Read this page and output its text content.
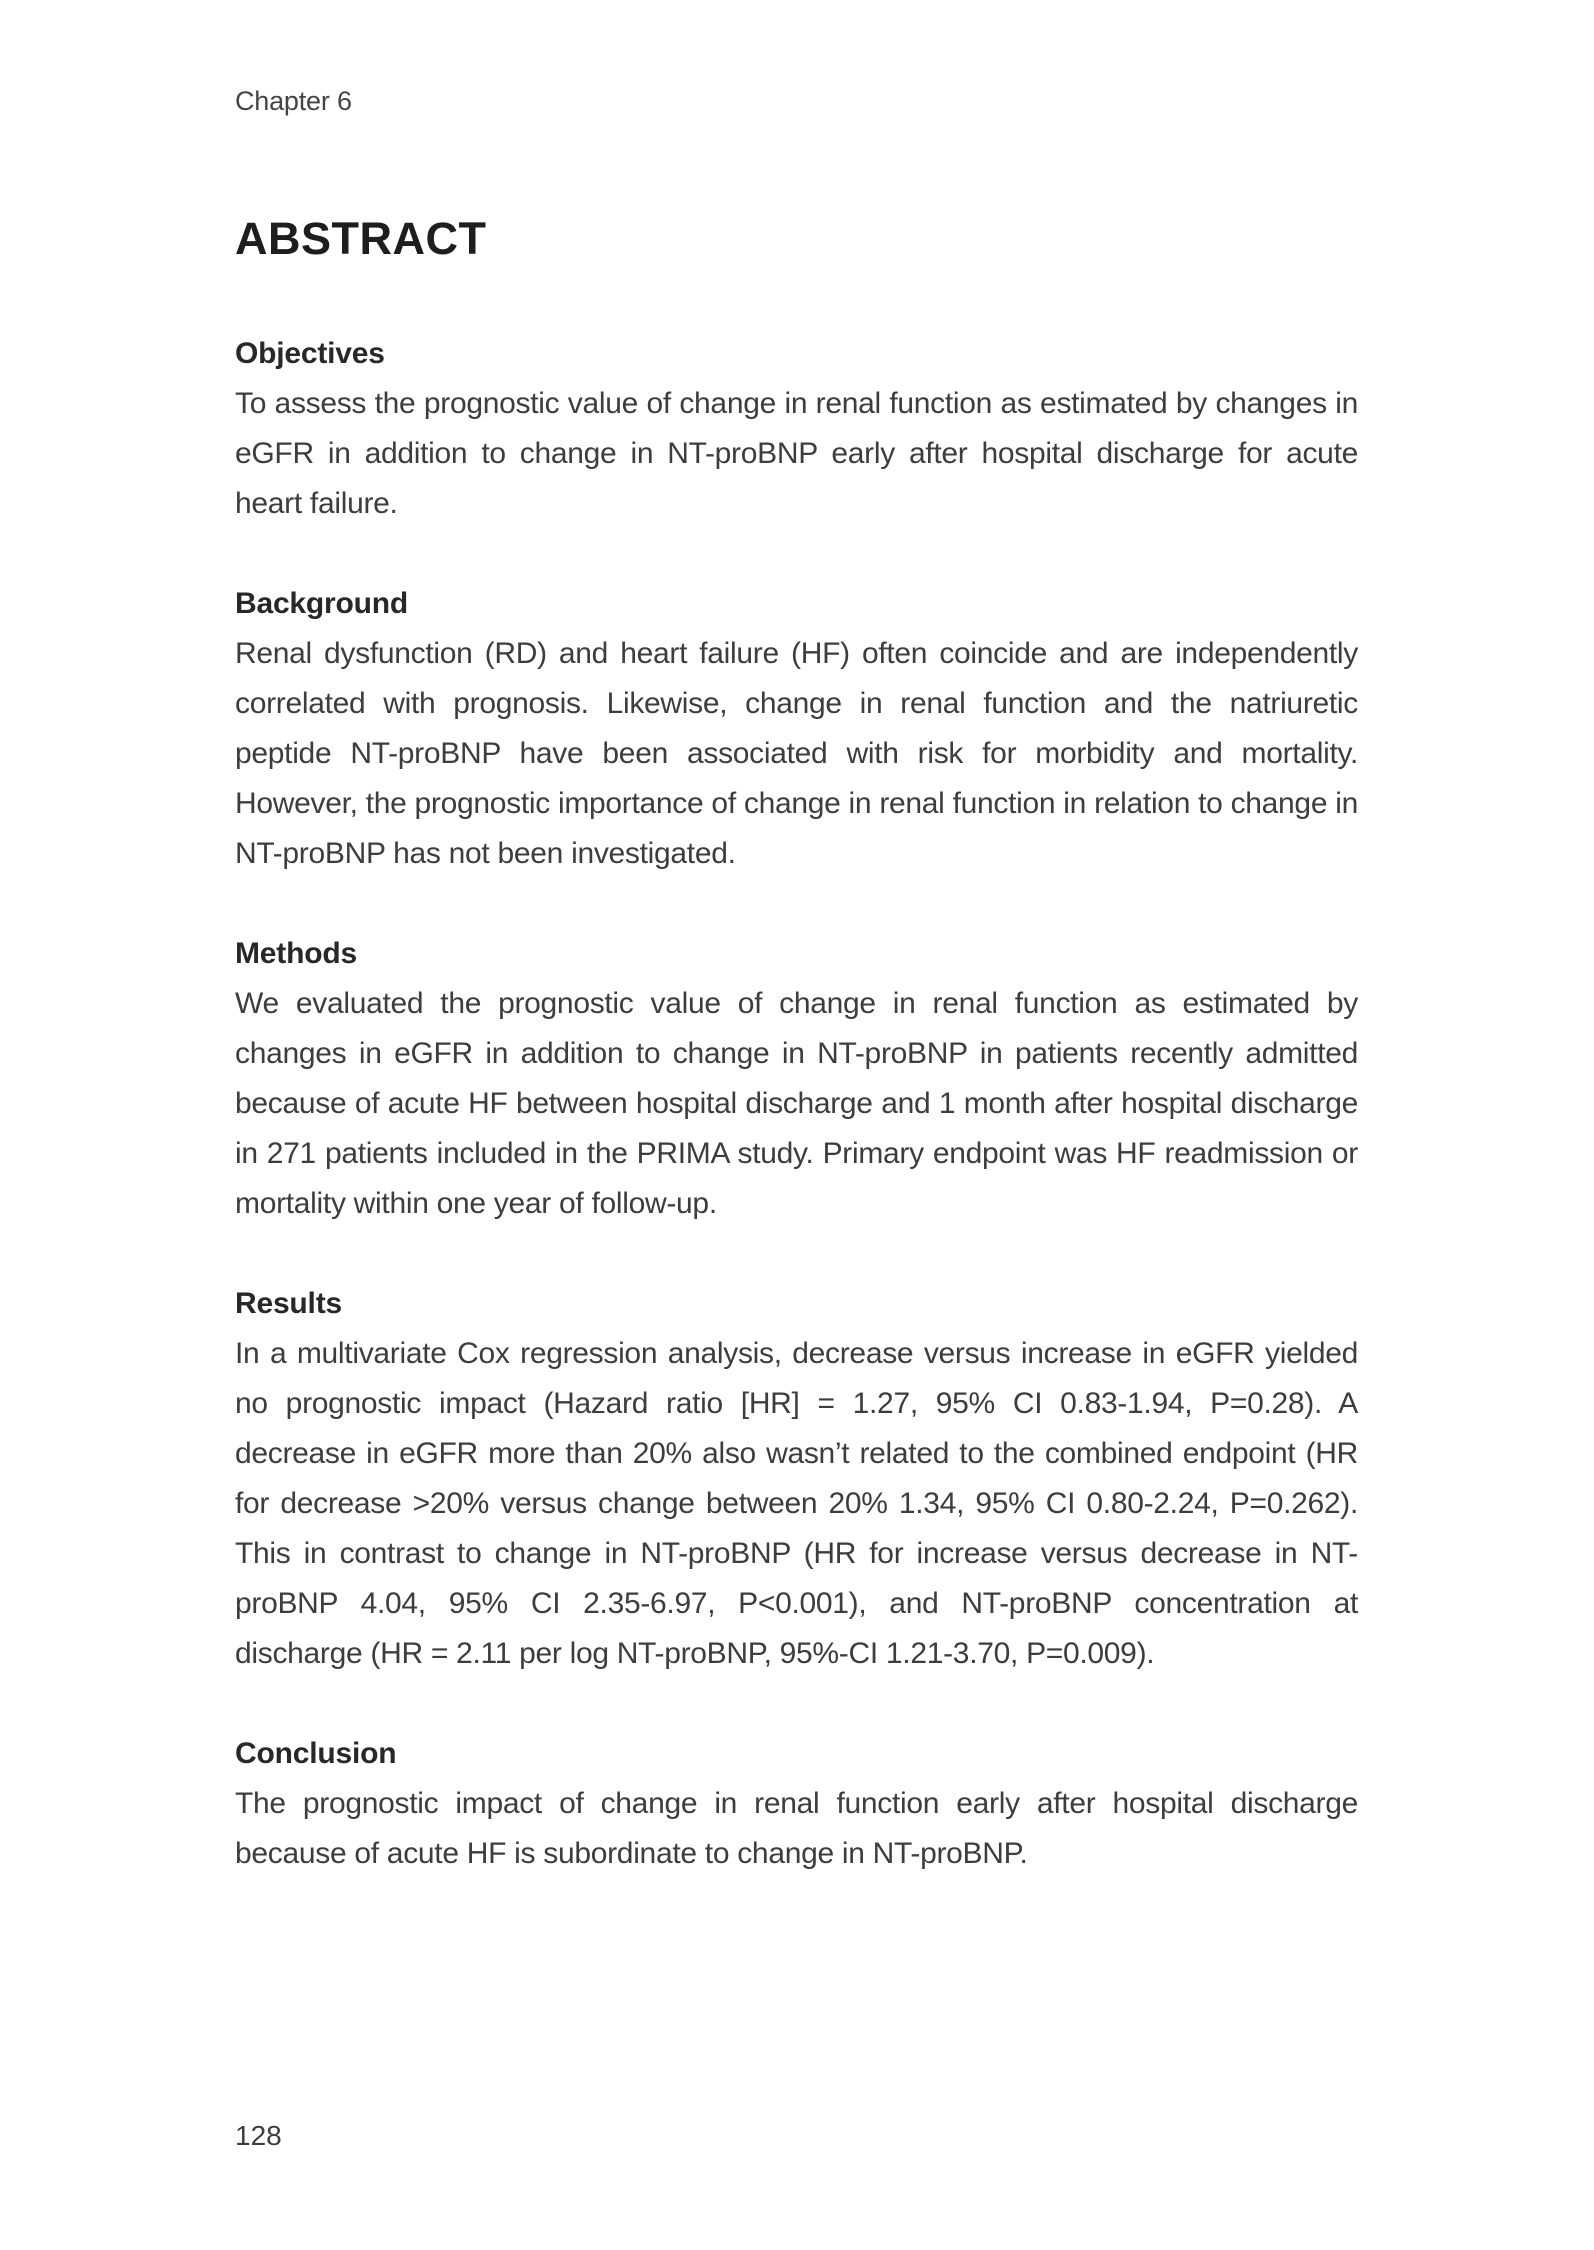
Chapter 6
ABSTRACT
Objectives

To assess the prognostic value of change in renal function as estimated by changes in eGFR in addition to change in NT-proBNP early after hospital discharge for acute heart failure.

Background

Renal dysfunction (RD) and heart failure (HF) often coincide and are independently correlated with prognosis. Likewise, change in renal function and the natriuretic peptide NT-proBNP have been associated with risk for morbidity and mortality. However, the prognostic importance of change in renal function in relation to change in NT-proBNP has not been investigated.

Methods

We evaluated the prognostic value of change in renal function as estimated by changes in eGFR in addition to change in NT-proBNP in patients recently admitted because of acute HF between hospital discharge and 1 month after hospital discharge in 271 patients included in the PRIMA study. Primary endpoint was HF readmission or mortality within one year of follow-up.

Results

In a multivariate Cox regression analysis, decrease versus increase in eGFR yielded no prognostic impact (Hazard ratio [HR] = 1.27, 95% CI 0.83-1.94, P=0.28). A decrease in eGFR more than 20% also wasn’t related to the combined endpoint (HR for decrease >20% versus change between 20% 1.34, 95% CI 0.80-2.24, P=0.262). This in contrast to change in NT-proBNP (HR for increase versus decrease in NT-proBNP 4.04, 95% CI 2.35-6.97, P<0.001), and NT-proBNP concentration at discharge (HR = 2.11 per log NT-proBNP, 95%-CI 1.21-3.70, P=0.009).

Conclusion

The prognostic impact of change in renal function early after hospital discharge because of acute HF is subordinate to change in NT-proBNP.

128
